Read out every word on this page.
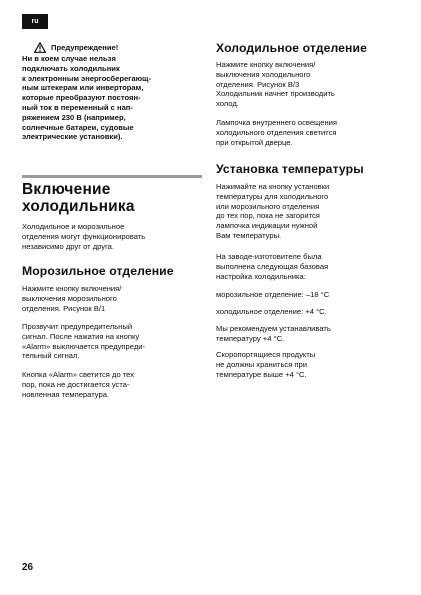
ru
Предупреждение!
Ни в коем случае нельзя
подключать холодильник
к электронным энергосберегающ-
ным штекерам или инверторам,
которые преобразуют постоян-
ный ток в переменный с нап-
ряжением 230 В (например,
солнечные батареи, судовые
электрические установки).
Включение
холодильника

Холодильное и морозильное
отделения могут функционировать
независимо друг от друга.

Морозильное отделение

Нажмите кнопку включения/
выключения морозильного
отделения. Рисунок B/1

Прозвучит предупредительный
сигнал. После нажатия на кнопку
«Alarm» выключается предупреди-
тельный сигнал.

Кнопка «Alarm» светится до тех
пор, пока не достигается уста-
новленная температура.

Холодильное отделение

Нажмите кнопку включения/
выключения холодильного
отделения. Рисунок B/3
Холодильник начнет производить
холод.

Лампочка внутреннего освещения
холодильного отделения светится
при открытой дверце.

Установка температуры

Нажимайте на кнопку установки
температуры для холодильного
или морозильного отделения
до тех пор, пока не загорится
лампочка индикации нужной
Вам температуры.

На заводе-изготовителе была
выполнена следующая базовая
настройка холодильника:

морозильное отделение: –18 °C

холодильное отделение: +4 °C.

Мы рекомендуем устанавливать
температуру +4 °C.

Скоропортящиеся продукты
не должны храниться при
температуре выше +4 °C.

26
